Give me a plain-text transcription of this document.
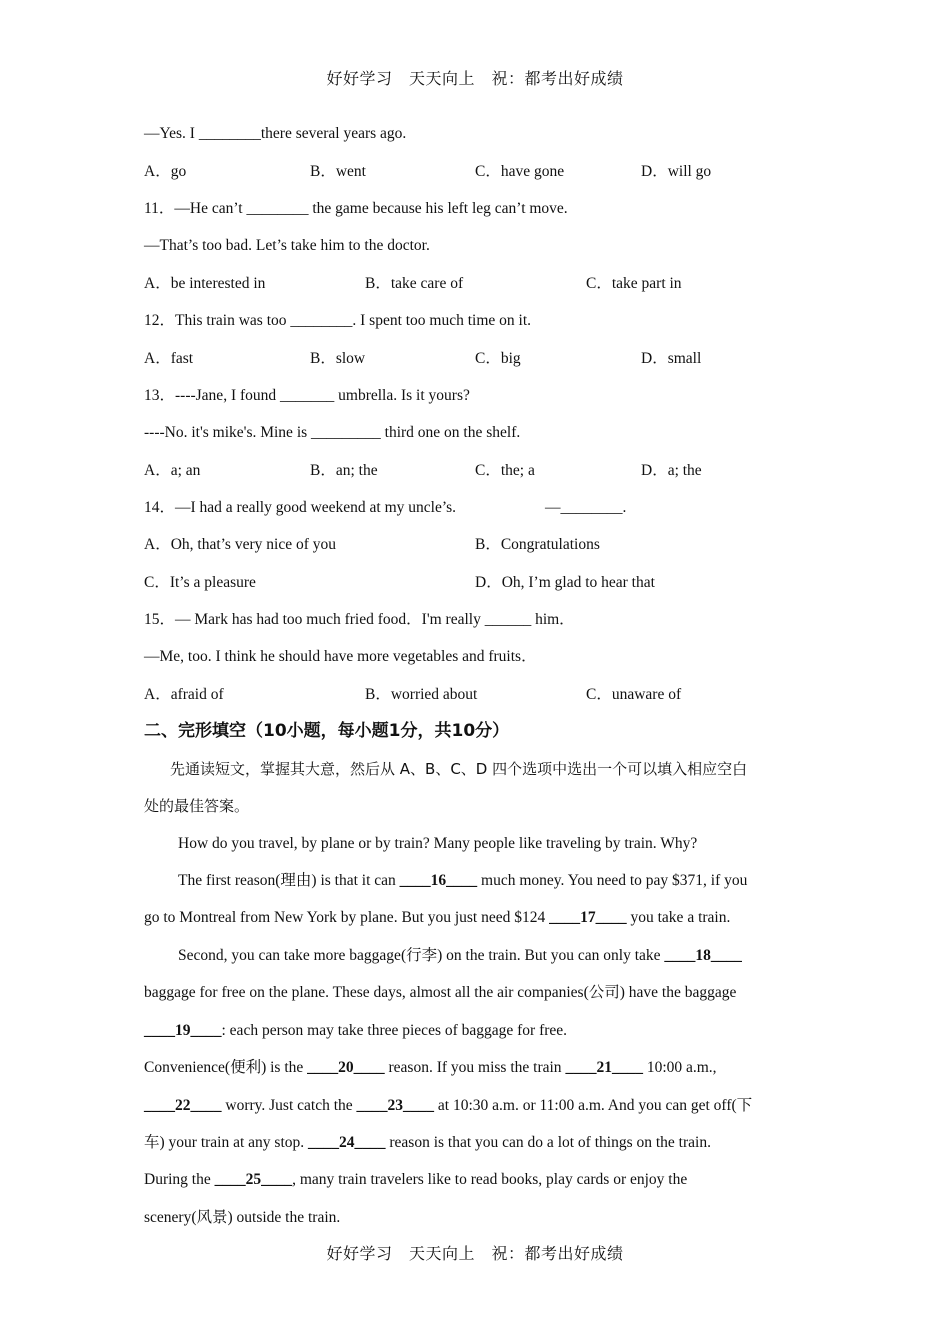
好好学习　天天向上　祝：都考出好成绩
—Yes. I ________there several years ago.
A．go	B．went	C．have gone	D．will go
11．—He can’t ________ the game because his left leg can’t move.
—That’s too bad. Let’s take him to the doctor.
A．be interested in	B．take care of	C．take part in
12．This train was too ________. I spent too much time on it.
A．fast	B．slow	C．big	D．small
13．----Jane, I found _______ umbrella. Is it yours?
----No. it's mike's. Mine is _________ third one on the shelf.
A．a; an	B．an; the	C．the; a	D．a; the
14．—I had a really good weekend at my uncle’s.	—________.
A．Oh, that’s very nice of you	B．Congratulations
C．It’s a pleasure	D．Oh, I’m glad to hear that
15．— Mark has had too much fried food．I'm really ______ him．
—Me, too. I think he should have more vegetables and fruits．
A．afraid of	B．worried about	C．unaware of
二、完形填空（10小题，每小题1分，共10分）
先通读短文，掌握其大意，然后从 A、B、C、D 四个选项中选出一个可以填入相应空白
处的最佳答案。
How do you travel, by plane or by train? Many people like traveling by train. Why?
The first reason(理由) is that it can ____16____ much money. You need to pay $371, if you
go to Montreal from New York by plane. But you just need $124 ____17____ you take a train.
Second, you can take more baggage(行李) on the train. But you can only take ____18____
baggage for free on the plane. These days, almost all the air companies(公司) have the baggage
____19____: each person may take three pieces of baggage for free.
Convenience(便利) is the ____20____ reason. If you miss the train ____21____ 10:00 a.m.,
____22____ worry. Just catch the ____23____ at 10:30 a.m. or 11:00 a.m. And you can get off(下
车) your train at any stop. ____24____ reason is that you can do a lot of things on the train.
During the ____25____, many train travelers like to read books, play cards or enjoy the
scenery(风景) outside the train.
好好学习　天天向上　祝：都考出好成绩
